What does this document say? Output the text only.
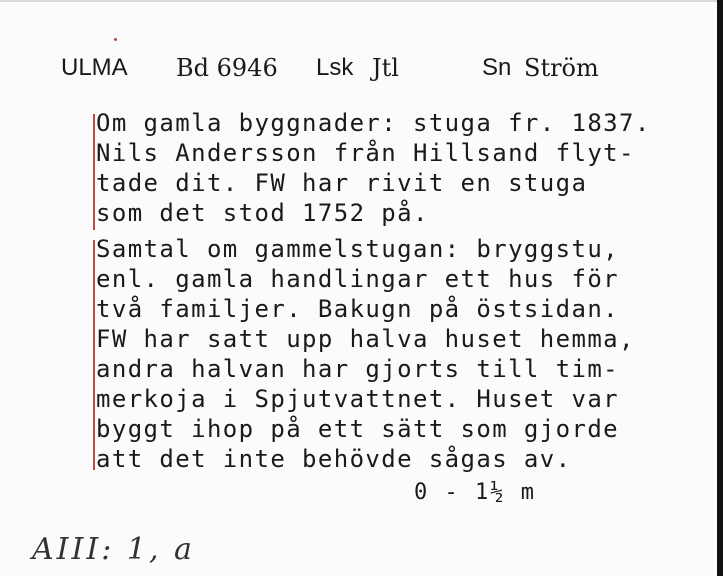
ULMA Bd 6946 Lsk Jtl	Sn Ström
Om gamla byggnader: stuga fr. 1837.
Nils Andersson från Hillsand flyt-
tade dit. FW har rivit en stuga
som det stod 1752 på.
Samtal om gammelstugan: bryggstu,
enl. gamla handlingar ett hus för
två familjer. Bakugn på östsidan.
FW har satt upp halva huset hemma,
andra halvan har gjorts till tim-
merkoja i Spjutvattnet. Huset var
byggt ihop på ett sätt som gjorde
att det inte behövde sågas av.
0 - 1½ m
AIII: 1, a
